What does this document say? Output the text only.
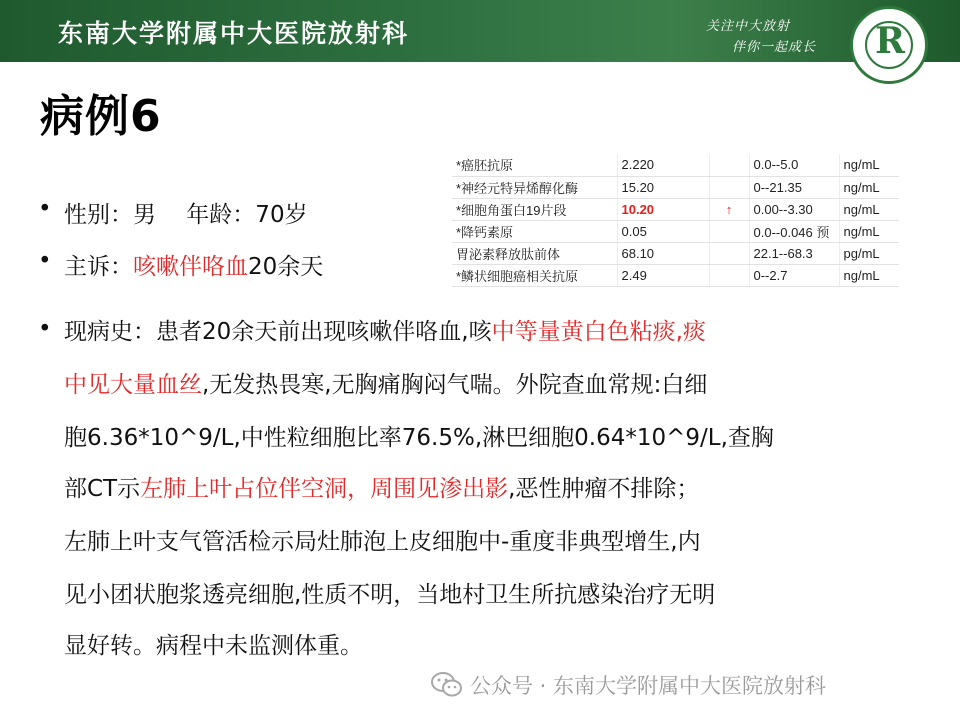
东南大学附属中大医院放射科	关注中大放射
伴你一起成长 R
病例6
*癌胚抗原	2.220		0.0--5.0	ng/mL
*神经元特异烯醇化酶	15.20		0--21.35	ng/mL
*细胞角蛋白19片段	10.20	↑	0.00--3.30	ng/mL
*降钙素原	0.05		0.0--0.046 预	ng/mL
胃泌素释放肽前体	68.10		22.1--68.3	pg/mL
*鳞状细胞癌相关抗原	2.49		0--2.7	ng/mL
• 性别：男　 年龄：70岁
• 主诉：咳嗽伴咯血20余天
• 现病史：患者20余天前出现咳嗽伴咯血,咳中等量黄白色粘痰,痰
中见大量血丝,无发热畏寒,无胸痛胸闷气喘。外院查血常规:白细
胞6.36*10^9/L,中性粒细胞比率76.5%,淋巴细胞0.64*10^9/L,查胸
部CT示左肺上叶占位伴空洞，周围见渗出影,恶性肿瘤不排除；
左肺上叶支气管活检示局灶肺泡上皮细胞中-重度非典型增生,内
见小团状胞浆透亮细胞,性质不明，当地村卫生所抗感染治疗无明
显好转。病程中未监测体重。
公众号 · 东南大学附属中大医院放射科
